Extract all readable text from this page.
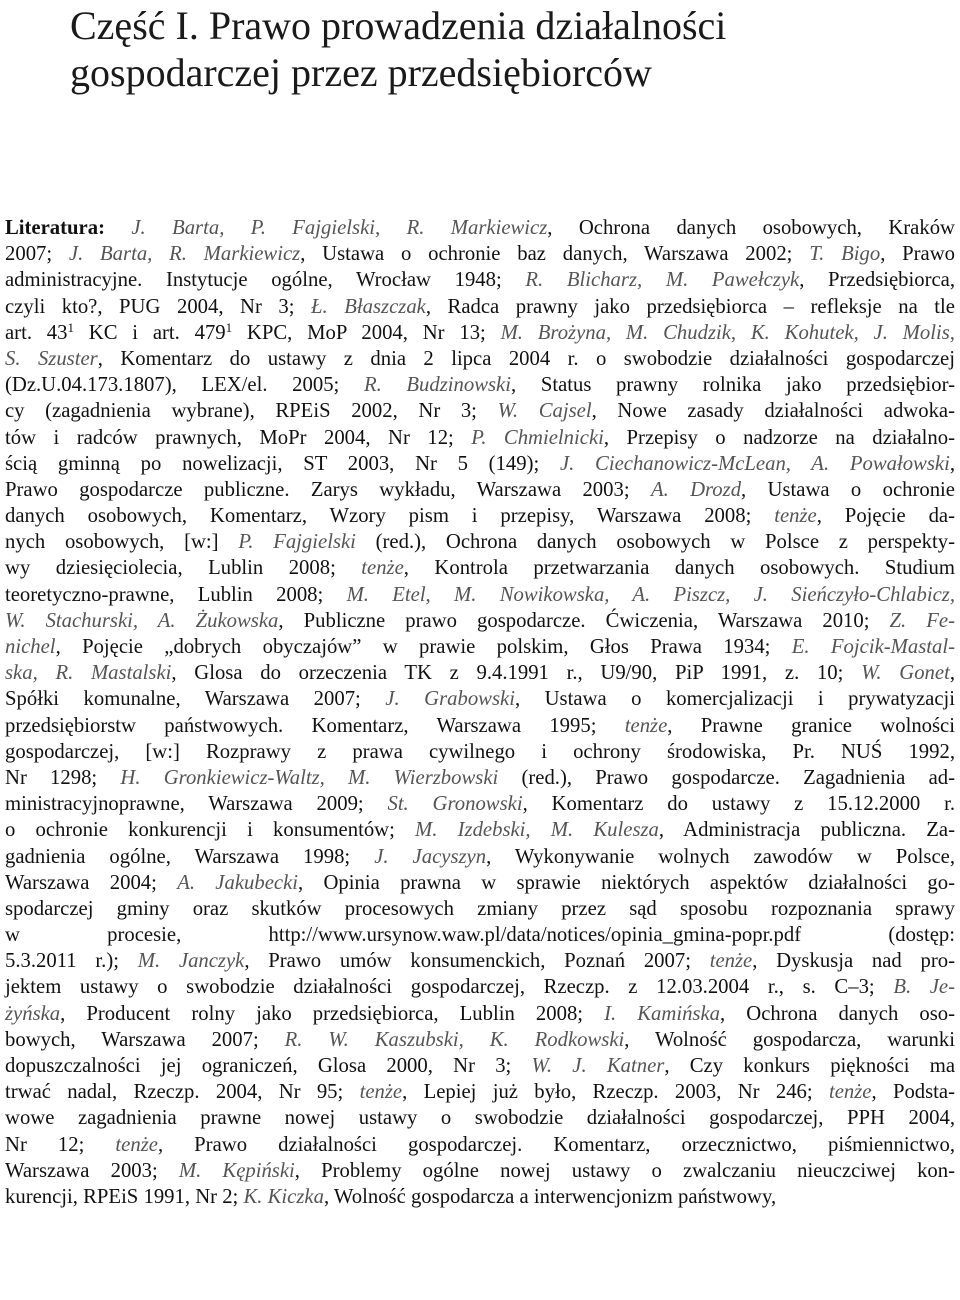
Część I. Prawo prowadzenia działalności
gospodarczej przez przedsiębiorców
Literatura: J. Barta, P. Fajgielski, R. Markiewicz, Ochrona danych osobowych, Kraków
2007; J. Barta, R. Markiewicz, Ustawa o ochronie baz danych, Warszawa 2002; T. Bigo, Prawo
administracyjne. Instytucje ogólne, Wrocław 1948; R. Blicharz, M. Pawełczyk, Przedsiębiorca,
czyli kto?, PUG 2004, Nr 3; Ł. Błaszczak, Radca prawny jako przedsiębiorca – refleksje na tle
art. $43^1$ KC i art. $479^1$ KPC, MoP 2004, Nr 13; M. Brożyna, M. Chudzik, K. Kohutek, J. Molis,
S. Szuster, Komentarz do ustawy z dnia 2 lipca 2004 r. o swobodzie działalności gospodarczej
(Dz.U.04.173.1807), LEX/el. 2005; R. Budzinowski, Status prawny rolnika jako przedsiębior-
cy (zagadnienia wybrane), RPEiS 2002, Nr 3; W. Cajsel, Nowe zasady działalności adwoka-
tów i radców prawnych, MoPr 2004, Nr 12; P. Chmielnicki, Przepisy o nadzorze na działalno-
ścią gminną po nowelizacji, ST 2003, Nr 5 (149); J. Ciechanowicz-McLean, A. Powałowski,
Prawo gospodarcze publiczne. Zarys wykładu, Warszawa 2003; A. Drozd, Ustawa o ochronie
danych osobowych, Komentarz, Wzory pism i przepisy, Warszawa 2008; tenże, Pojęcie da-
nych osobowych, [w:] P. Fajgielski (red.), Ochrona danych osobowych w Polsce z perspekty-
wy dziesięciolecia, Lublin 2008; tenże, Kontrola przetwarzania danych osobowych. Studium
teoretyczno-prawne, Lublin 2008; M. Etel, M. Nowikowska, A. Piszcz, J. Sieńczyło-Chlabicz,
W. Stachurski, A. Żukowska, Publiczne prawo gospodarcze. Ćwiczenia, Warszawa 2010; Z. Fe-
nichel, Pojęcie „dobrych obyczajów” w prawie polskim, Głos Prawa 1934; E. Fojcik-Mastal-
ska, R. Mastalski, Glosa do orzeczenia TK z 9.4.1991 r., U9/90, PiP 1991, z. 10; W. Gonet,
Spółki komunalne, Warszawa 2007; J. Grabowski, Ustawa o komercjalizacji i prywatyzacji
przedsiębiorstw państwowych. Komentarz, Warszawa 1995; tenże, Prawne granice wolności
gospodarczej, [w:] Rozprawy z prawa cywilnego i ochrony środowiska, Pr. NUŚ 1992,
Nr 1298; H. Gronkiewicz-Waltz, M. Wierzbowski (red.), Prawo gospodarcze. Zagadnienia ad-
ministracyjnoprawne, Warszawa 2009; St. Gronowski, Komentarz do ustawy z 15.12.2000 r.
o ochronie konkurencji i konsumentów; M. Izdebski, M. Kulesza, Administracja publiczna. Za-
gadnienia ogólne, Warszawa 1998; J. Jacyszyn, Wykonywanie wolnych zawodów w Polsce,
Warszawa 2004; A. Jakubecki, Opinia prawna w sprawie niektórych aspektów działalności go-
spodarczej gminy oraz skutków procesowych zmiany przez sąd sposobu rozpoznania sprawy
w procesie, http://www.ursynow.waw.pl/data/notices/opinia_gmina-popr.pdf (dostęp:
5.3.2011 r.); M. Janczyk, Prawo umów konsumenckich, Poznań 2007; tenże, Dyskusja nad pro-
jektem ustawy o swobodzie działalności gospodarczej, Rzeczp. z 12.03.2004 r., s. C–3; B. Je-
żyńska, Producent rolny jako przedsiębiorca, Lublin 2008; I. Kamińska, Ochrona danych oso-
bowych, Warszawa 2007; R. W. Kaszubski, K. Rodkowski, Wolność gospodarcza, warunki
dopuszczalności jej ograniczeń, Glosa 2000, Nr 3; W. J. Katner, Czy konkurs piękności ma
trwać nadal, Rzeczp. 2004, Nr 95; tenże, Lepiej już było, Rzeczp. 2003, Nr 246; tenże, Podsta-
wowe zagadnienia prawne nowej ustawy o swobodzie działalności gospodarczej, PPH 2004,
Nr 12; tenże, Prawo działalności gospodarczej. Komentarz, orzecznictwo, piśmiennictwo,
Warszawa 2003; M. Kępiński, Problemy ogólne nowej ustawy o zwalczaniu nieuczciwej kon-
kurencji, RPEiS 1991, Nr 2; K. Kiczka, Wolność gospodarcza a interwencjonizm państwowy,
